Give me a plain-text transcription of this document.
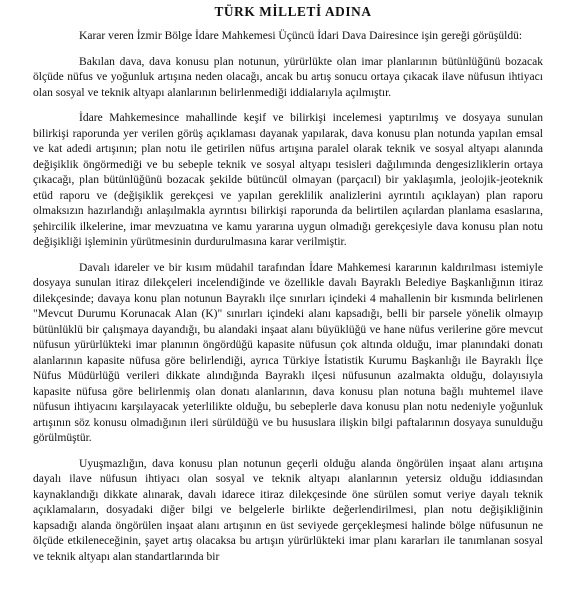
TÜRK MİLLETİ ADINA

Karar veren İzmir Bölge İdare Mahkemesi Üçüncü İdari Dava Dairesince işin gereği görüşüldü:

Bakılan dava, dava konusu plan notunun, yürürlükte olan imar planlarının bütünlüğünü bozacak ölçüde nüfus ve yoğunluk artışına neden olacağı, ancak bu artış sonucu ortaya çıkacak ilave nüfusun ihtiyacı olan sosyal ve teknik altyapı alanlarının belirlenmediği iddialarıyla açılmıştır.

İdare Mahkemesince mahallinde keşif ve bilirkişi incelemesi yaptırılmış ve dosyaya sunulan bilirkişi raporunda yer verilen görüş açıklaması dayanak yapılarak, dava konusu plan notunda yapılan emsal ve kat adedi artışının; plan notu ile getirilen nüfus artışına paralel olarak teknik ve sosyal altyapı alanında değişiklik öngörmediği ve bu sebeple teknik ve sosyal altyapı tesisleri dağılımında dengesizliklerin ortaya çıkacağı, plan bütünlüğünü bozacak şekilde bütüncül olmayan (parçacıl) bir yaklaşımla, jeolojik-jeoteknik etüd raporu ve (değişiklik gerekçesi ve yapılan gereklilik analizlerini ayrıntılı açıklayan) plan raporu olmaksızın hazırlandığı anlaşılmakla ayrıntısı bilirkişi raporunda da belirtilen açılardan planlama esaslarına, şehircilik ilkelerine, imar mevzuatına ve kamu yararına uygun olmadığı gerekçesiyle dava konusu plan notu değişikliği işleminin yürütmesinin durdurulmasına karar verilmiştir.

Davalı idareler ve bir kısım müdahil tarafından İdare Mahkemesi kararının kaldırılması istemiyle dosyaya sunulan itiraz dilekçeleri incelendiğinde ve özellikle davalı Bayraklı Belediye Başkanlığının itiraz dilekçesinde; davaya konu plan notunun Bayraklı ilçe sınırları içindeki 4 mahallenin bir kısmında belirlenen "Mevcut Durumu Korunacak Alan (K)" sınırları içindeki alanı kapsadığı, belli bir parsele yönelik olmayıp bütünlüklü bir çalışmaya dayandığı, bu alandaki inşaat alanı büyüklüğü ve hane nüfus verilerine göre mevcut nüfusun yürürlükteki imar planının öngördüğü kapasite nüfusun çok altında olduğu, imar planındaki donatı alanlarının kapasite nüfusa göre belirlendiği, ayrıca Türkiye İstatistik Kurumu Başkanlığı ile Bayraklı İlçe Nüfus Müdürlüğü verileri dikkate alındığında Bayraklı ilçesi nüfusunun azalmakta olduğu, dolayısıyla kapasite nüfusa göre belirlenmiş olan donatı alanlarının, dava konusu plan notuna bağlı muhtemel ilave nüfusun ihtiyacını karşılayacak yeterlilikte olduğu, bu sebeplerle dava konusu plan notu nedeniyle yoğunluk artışının söz konusu olmadığının ileri sürüldüğü ve bu hususlara ilişkin bilgi paftalarının dosyaya sunulduğu görülmüştür.

Uyuşmazlığın, dava konusu plan notunun geçerli olduğu alanda öngörülen inşaat alanı artışına dayalı ilave nüfusun ihtiyacı olan sosyal ve teknik altyapı alanlarının yetersiz olduğu iddiasından kaynaklandığı dikkate alınarak, davalı idarece itiraz dilekçesinde öne sürülen somut veriye dayalı teknik açıklamaların, dosyadaki diğer bilgi ve belgelerle birlikte değerlendirilmesi, plan notu değişikliğinin kapsadığı alanda öngörülen inşaat alanı artışının en üst seviyede gerçekleşmesi halinde bölge nüfusunun ne ölçüde etkileneceğinin, şayet artış olacaksa bu artışın yürürlükteki imar planı kararları ile tanımlanan sosyal ve teknik altyapı alan standartlarında bir
